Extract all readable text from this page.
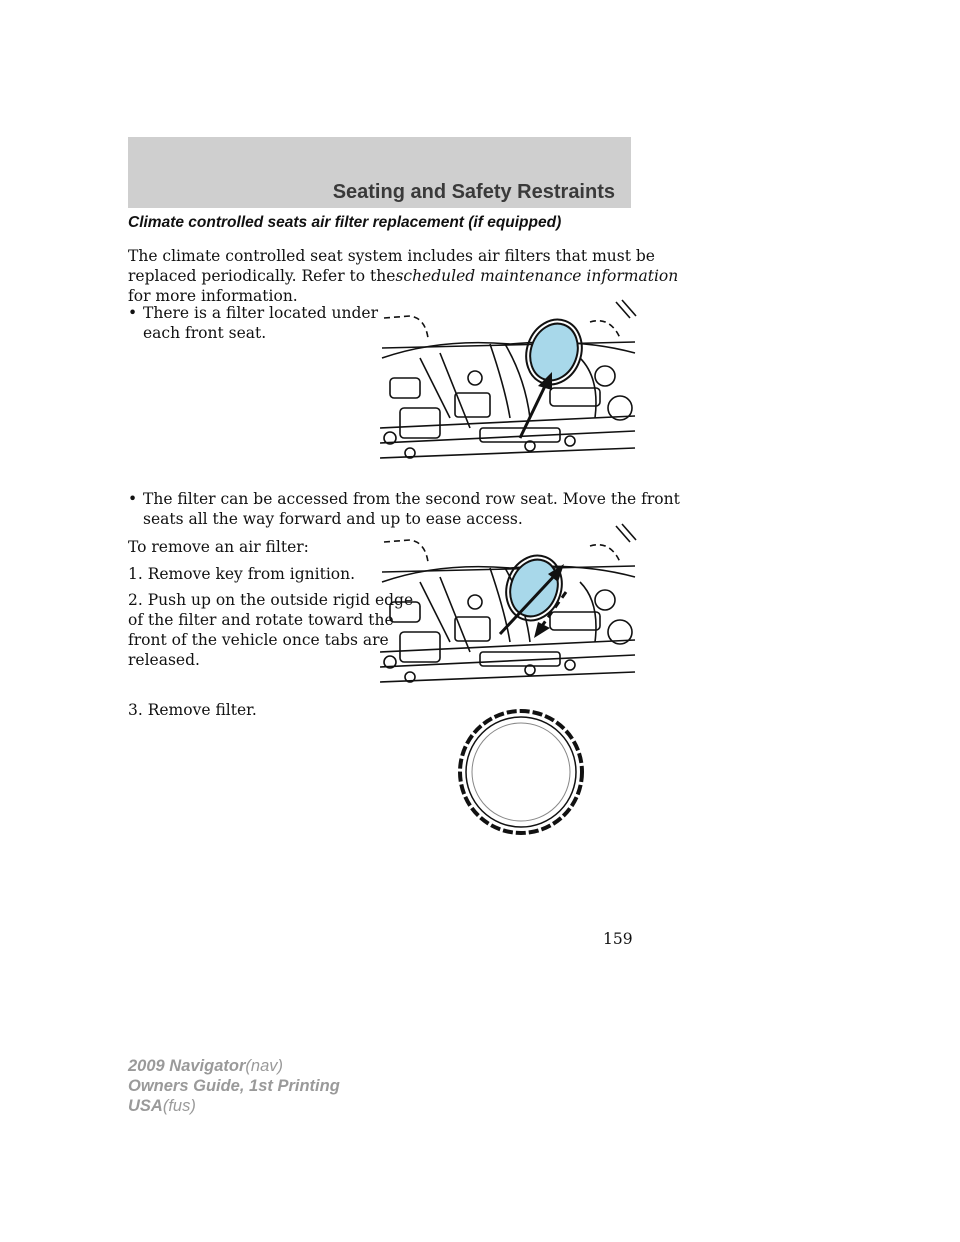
Seating and Safety Restraints
Climate controlled seats air filter replacement (if equipped)
The climate controlled seat system includes air filters that must be
replaced periodically. Refer to thescheduled maintenance information
for more information.
• There is a filter located under
each front seat.
• The filter can be accessed from the second row seat. Move the front
seats all the way forward and up to ease access.
To remove an air filter:
1. Remove key from ignition.
2. Push up on the outside rigid edge
of the filter and rotate toward the
front of the vehicle once tabs are
released.
3. Remove filter.
159
2009 Navigator(nav)
Owners Guide, 1st Printing
USA(fus)
